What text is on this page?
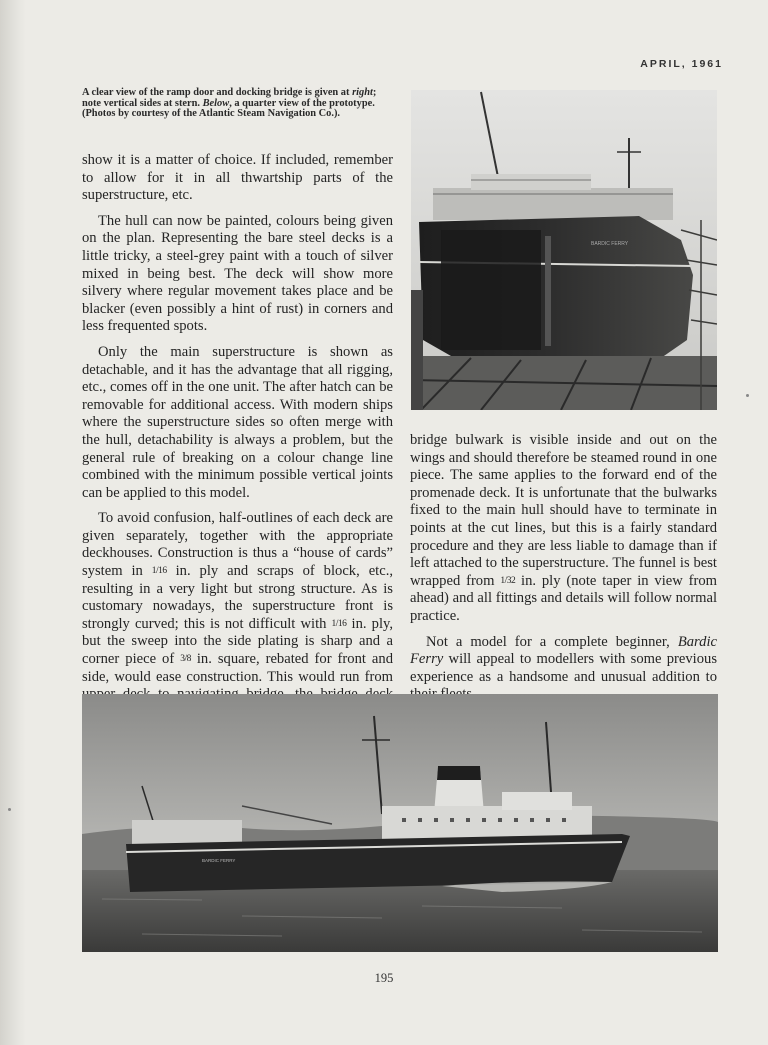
APRIL, 1961
A clear view of the ramp door and docking bridge is given at right; note vertical sides at stern. Below, a quarter view of the prototype. (Photos by courtesy of the Atlantic Steam Navigation Co.).

show it is a matter of choice. If included, remember to allow for it in all thwartship parts of the superstructure, etc.

The hull can now be painted, colours being given on the plan. Representing the bare steel decks is a little tricky, a steel-grey paint with a touch of silver mixed in being best. The deck will show more silvery where regular movement takes place and be blacker (even possibly a hint of rust) in corners and less frequented spots.

Only the main superstructure is shown as detachable, and it has the advantage that all rigging, etc., comes off in the one unit. The after hatch can be removable for additional access. With modern ships where the superstructure sides so often merge with the hull, detachability is always a problem, but the general rule of breaking on a colour change line combined with the minimum possible vertical joints can be applied to this model.

To avoid confusion, half-outlines of each deck are given separately, together with the appropriate deckhouses. Construction is thus a “house of cards” system in 1/16 in. ply and scraps of block, etc., resulting in a very light but strong structure. As is customary nowadays, the superstructure front is strongly curved; this is not difficult with 1/16 in. ply, but the sweep into the side plating is sharp and a corner piece of 3/8 in. square, rebated for front and side, would ease construction. This would run from

bridge bulwark is visible inside and out on the wings and should therefore be steamed round in one piece. The same applies to the forward end of the promenade deck. It is unfortunate that the bulwarks fixed to the main hull should have to terminate in points at the cut lines, but this is a fairly standard procedure and they are less liable to damage than if left attached to the superstructure. The funnel is best wrapped from 1/32 in. ply (note taper in view from ahead) and all fittings and details will follow normal practice.

Not a model for a complete beginner, Bardic Ferry will appeal to modellers with some previous experience as a handsome and unusual addition to

BARDIC FERRY
BARDIC FERRY
195
